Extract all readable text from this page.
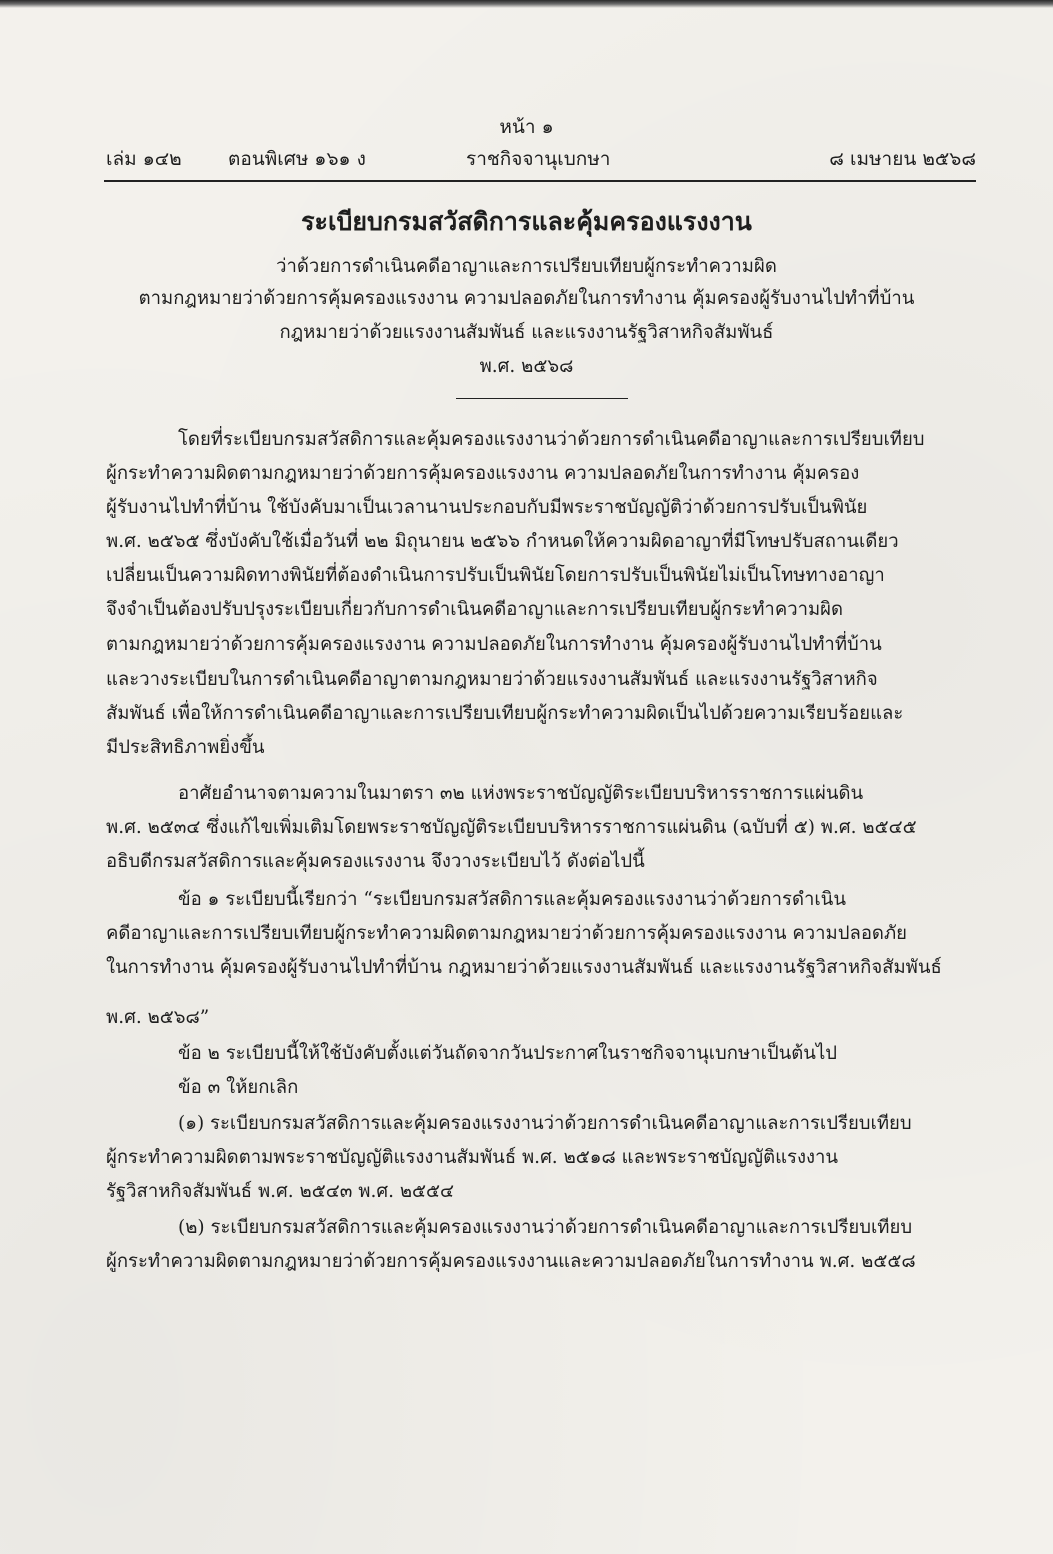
หน้า ๑
เล่ม ๑๔๒ ตอนพิเศษ ๑๖๑ ง	ราชกิจจานุเบกษา	๘ เมษายน ๒๕๖๘
ระเบียบกรมสวัสดิการและคุ้มครองแรงงาน
ว่าด้วยการดำเนินคดีอาญาและการเปรียบเทียบผู้กระทำความผิด
ตามกฎหมายว่าด้วยการคุ้มครองแรงงาน ความปลอดภัยในการทำงาน คุ้มครองผู้รับงานไปทำที่บ้าน
กฎหมายว่าด้วยแรงงานสัมพันธ์ และแรงงานรัฐวิสาหกิจสัมพันธ์
พ.ศ. ๒๕๖๘
โดยที่ระเบียบกรมสวัสดิการและคุ้มครองแรงงานว่าด้วยการดำเนินคดีอาญาและการเปรียบเทียบ
ผู้กระทำความผิดตามกฎหมายว่าด้วยการคุ้มครองแรงงาน ความปลอดภัยในการทำงาน คุ้มครอง
ผู้รับงานไปทำที่บ้าน ใช้บังคับมาเป็นเวลานานประกอบกับมีพระราชบัญญัติว่าด้วยการปรับเป็นพินัย
พ.ศ. ๒๕๖๕ ซึ่งบังคับใช้เมื่อวันที่ ๒๒ มิถุนายน ๒๕๖๖ กำหนดให้ความผิดอาญาที่มีโทษปรับสถานเดียว
เปลี่ยนเป็นความผิดทางพินัยที่ต้องดำเนินการปรับเป็นพินัยโดยการปรับเป็นพินัยไม่เป็นโทษทางอาญา
จึงจำเป็นต้องปรับปรุงระเบียบเกี่ยวกับการดำเนินคดีอาญาและการเปรียบเทียบผู้กระทำความผิด
ตามกฎหมายว่าด้วยการคุ้มครองแรงงาน ความปลอดภัยในการทำงาน คุ้มครองผู้รับงานไปทำที่บ้าน
และวางระเบียบในการดำเนินคดีอาญาตามกฎหมายว่าด้วยแรงงานสัมพันธ์ และแรงงานรัฐวิสาหกิจ
สัมพันธ์ เพื่อให้การดำเนินคดีอาญาและการเปรียบเทียบผู้กระทำความผิดเป็นไปด้วยความเรียบร้อยและ
มีประสิทธิภาพยิ่งขึ้น
อาศัยอำนาจตามความในมาตรา ๓๒ แห่งพระราชบัญญัติระเบียบบริหารราชการแผ่นดิน
พ.ศ. ๒๕๓๔ ซึ่งแก้ไขเพิ่มเติมโดยพระราชบัญญัติระเบียบบริหารราชการแผ่นดิน (ฉบับที่ ๕) พ.ศ. ๒๕๔๕
อธิบดีกรมสวัสดิการและคุ้มครองแรงงาน จึงวางระเบียบไว้ ดังต่อไปนี้
ข้อ ๑ ระเบียบนี้เรียกว่า “ระเบียบกรมสวัสดิการและคุ้มครองแรงงานว่าด้วยการดำเนิน
คดีอาญาและการเปรียบเทียบผู้กระทำความผิดตามกฎหมายว่าด้วยการคุ้มครองแรงงาน ความปลอดภัย
ในการทำงาน คุ้มครองผู้รับงานไปทำที่บ้าน กฎหมายว่าด้วยแรงงานสัมพันธ์ และแรงงานรัฐวิสาหกิจสัมพันธ์
พ.ศ. ๒๕๖๘”
ข้อ ๒ ระเบียบนี้ให้ใช้บังคับตั้งแต่วันถัดจากวันประกาศในราชกิจจานุเบกษาเป็นต้นไป
ข้อ ๓ ให้ยกเลิก
(๑) ระเบียบกรมสวัสดิการและคุ้มครองแรงงานว่าด้วยการดำเนินคดีอาญาและการเปรียบเทียบ
ผู้กระทำความผิดตามพระราชบัญญัติแรงงานสัมพันธ์ พ.ศ. ๒๕๑๘ และพระราชบัญญัติแรงงาน
รัฐวิสาหกิจสัมพันธ์ พ.ศ. ๒๕๔๓ พ.ศ. ๒๕๕๔
(๒) ระเบียบกรมสวัสดิการและคุ้มครองแรงงานว่าด้วยการดำเนินคดีอาญาและการเปรียบเทียบ
ผู้กระทำความผิดตามกฎหมายว่าด้วยการคุ้มครองแรงงานและความปลอดภัยในการทำงาน พ.ศ. ๒๕๕๘
